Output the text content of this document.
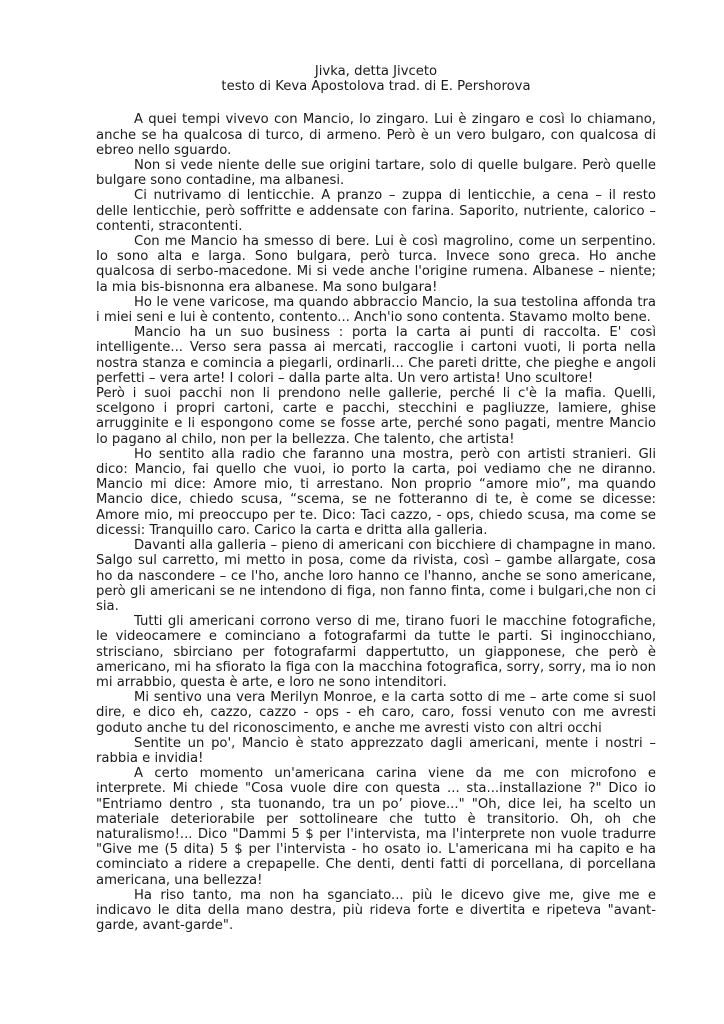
Jivka, detta Jivceto

testo di Keva Apostolova trad. di E. Pershorova

A quei tempi vivevo con Mancio, lo zingaro. Lui è zingaro e così lo chiamano, anche se ha qualcosa di turco, di armeno. Però è un vero bulgaro, con qualcosa di ebreo nello sguardo.

Non si vede niente delle sue origini tartare, solo di quelle bulgare. Però quelle bulgare sono contadine, ma albanesi.

Ci nutrivamo di lenticchie. A pranzo – zuppa di lenticchie, a cena – il resto delle lenticchie, però soffritte e addensate con farina. Saporito, nutriente, calorico – contenti, stracontenti.

Con me Mancio ha smesso di bere. Lui è così magrolino, come un serpentino. Io sono alta e larga. Sono bulgara, però turca. Invece sono greca. Ho anche qualcosa di serbo-macedone. Mi si vede anche l'origine rumena. Albanese – niente; la mia bis-bisnonna era albanese. Ma sono bulgara!

Ho le vene varicose, ma quando abbraccio Mancio, la sua testolina affonda tra i miei seni e lui è contento, contento... Anch'io sono contenta. Stavamo molto bene.

Mancio ha un suo business : porta la carta ai punti di raccolta. E' così intelligente... Verso sera passa ai mercati, raccoglie i cartoni vuoti, li porta nella nostra stanza e comincia a piegarli, ordinarli... Che pareti dritte, che pieghe e angoli perfetti – vera arte! I colori – dalla parte alta. Un vero artista! Uno scultore!

Però i suoi pacchi non li prendono nelle gallerie, perché li c'è la mafia. Quelli, scelgono i propri cartoni, carte e pacchi, stecchini e pagliuzze, lamiere, ghise arrugginite e li espongono come se fosse arte, perché sono pagati, mentre Mancio lo pagano al chilo, non per la bellezza. Che talento, che artista!

Ho sentito alla radio che faranno una mostra, però con artisti stranieri. Gli dico: Mancio, fai quello che vuoi, io porto la carta, poi vediamo che ne diranno. Mancio mi dice: Amore mio, ti arrestano. Non proprio “amore mio”, ma quando Mancio dice, chiedo scusa, “scema, se ne fotteranno di te, è come se dicesse: Amore mio, mi preoccupo per te. Dico: Taci cazzo, - ops, chiedo scusa, ma come se dicessi: Tranquillo caro. Carico la carta e dritta alla galleria.

Davanti alla galleria – pieno di americani con bicchiere di champagne in mano. Salgo sul carretto, mi metto in posa, come da rivista, così – gambe allargate, cosa ho da nascondere – ce l'ho, anche loro hanno ce l'hanno, anche se sono americane, però gli americani se ne intendono di figa, non fanno finta, come i bulgari,che non ci sia.

Tutti gli americani corrono verso di me, tirano fuori le macchine fotografiche, le videocamere e cominciano a fotografarmi da tutte le parti. Si inginocchiano, strisciano, sbirciano per fotografarmi dappertutto, un giapponese, che però è americano, mi ha sfiorato la figa con la macchina fotografica, sorry, sorry, ma io non mi arrabbio, questa è arte, e loro ne sono intenditori.

Mi sentivo una vera Merilyn Monroe, e la carta sotto di me – arte come si suol dire, e dico eh, cazzo, cazzo - ops - eh caro, caro, fossi venuto con me avresti goduto anche tu del riconoscimento, e anche me avresti visto con altri occhi

Sentite un po', Mancio è stato apprezzato dagli americani, mente i nostri – rabbia e invidia!

A certo momento un'americana carina viene da me con microfono e interprete. Mi chiede "Cosa vuole dire con questa ... sta...installazione ?" Dico io "Entriamo dentro , sta tuonando, tra un po’ piove..." "Oh, dice lei, ha scelto un materiale deteriorabile per sottolineare che tutto è transitorio. Oh, oh che naturalismo!... Dico "Dammi 5 $ per l'intervista, ma l'interprete non vuole tradurre "Give me (5 dita) 5 $ per l'intervista - ho osato io. L'americana mi ha capito e ha cominciato a ridere a crepapelle. Che denti, denti fatti di porcellana, di porcellana americana, una bellezza!

Ha riso tanto, ma non ha sganciato... più le dicevo give me, give me e indicavo le dita della mano destra, più rideva forte e divertita e ripeteva "avant-garde, avant-garde".
